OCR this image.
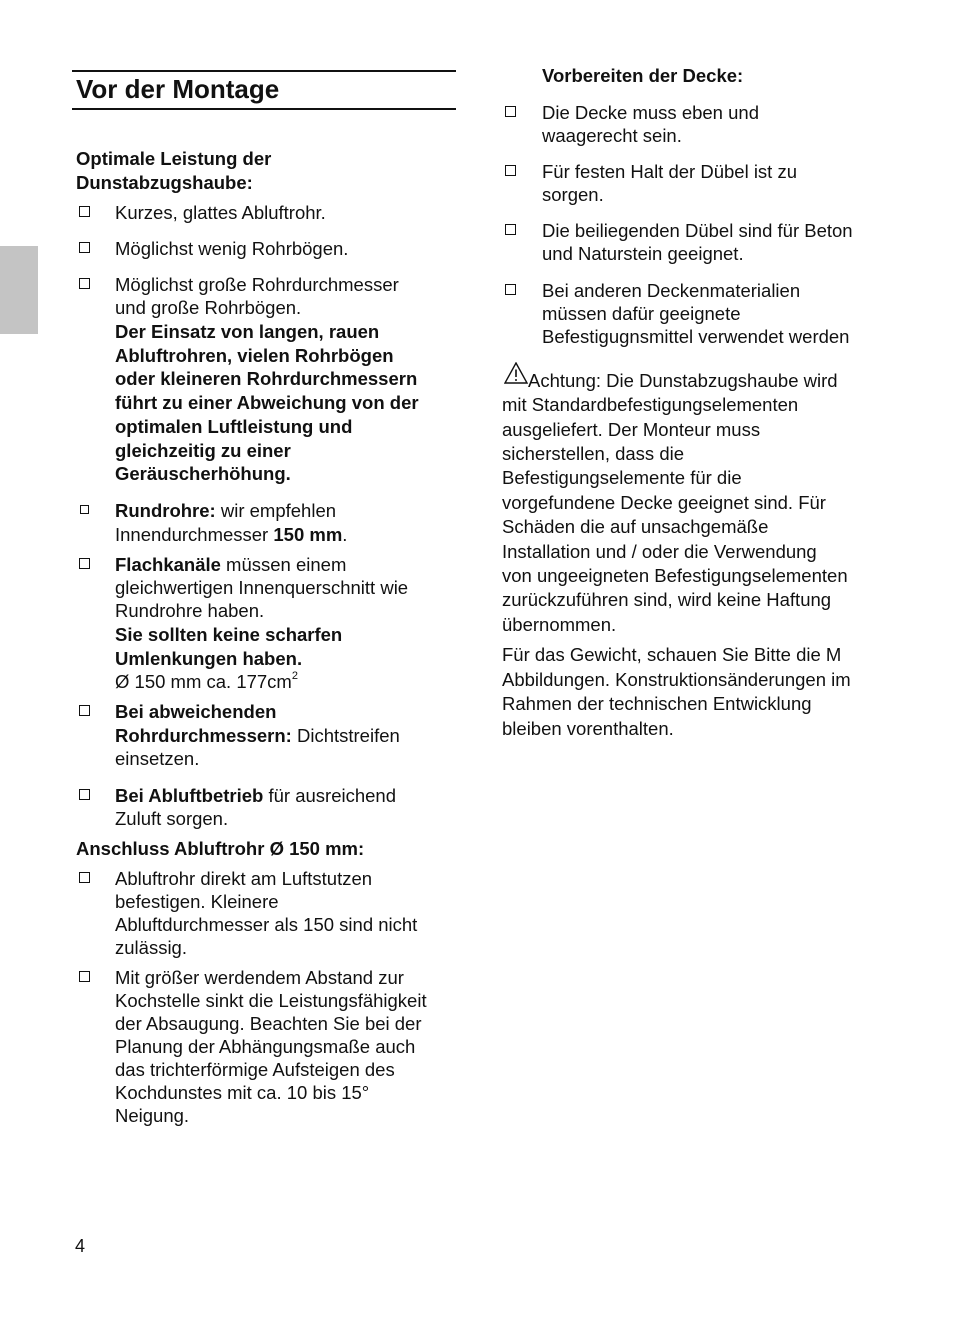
Vor der Montage

Optimale Leistung der

Dunstabzugshaube:

Kurzes, glattes Abluftrohr.

Möglichst wenig Rohrbögen.

Möglichst große Rohrdurchmesser

und große Rohrbögen.

Der Einsatz von langen, rauen

Abluftrohren, vielen Rohrbögen

oder kleineren Rohrdurchmessern

führt zu einer Abweichung von der

optimalen Luftleistung und

gleichzeitig zu einer

Geräuscherhöhung.

Rundrohre: wir empfehlen

Innendurchmesser 150 mm.

Flachkanäle müssen einem

gleichwertigen Innenquerschnitt wie

Rundrohre haben.

Sie sollten keine scharfen

Umlenkungen haben.

Ø 150 mm ca. $177cm^2$

Bei abweichenden

Rohrdurchmessern: Dichtstreifen

einsetzen.

Bei Abluftbetrieb für ausreichend

Zuluft sorgen.

Anschluss Abluftrohr Ø 150 mm:

Abluftrohr direkt am Luftstutzen

befestigen. Kleinere

Abluftdurchmesser als 150 sind nicht

zulässig.

Mit größer werdendem Abstand zur

Kochstelle sinkt die Leistungsfähigkeit

der Absaugung. Beachten Sie bei der

Planung der Abhängungsmaße auch

das trichterförmige Aufsteigen des

Kochdunstes mit ca. 10 bis 15°

Neigung.

Vorbereiten der Decke:

Die Decke muss eben und

waagerecht sein.

Für festen Halt der Dübel ist zu

sorgen.

Die beiliegenden Dübel sind für Beton

und Naturstein geeignet.

Bei anderen Deckenmaterialien

müssen dafür geeignete

Befestigugnsmittel verwendet werden

Achtung: Die Dunstabzugshaube wird

mit Standardbefestigungselementen

ausgeliefert. Der Monteur muss

sicherstellen, dass die

Befestigungselemente für die

vorgefundene Decke geeignet sind. Für

Schäden die auf unsachgemäße

Installation und / oder die Verwendung

von ungeeigneten Befestigungselementen

zurückzuführen sind, wird keine Haftung

übernommen.

Für das Gewicht, schauen Sie Bitte die M

Abbildungen. Konstruktionsänderungen im

Rahmen der technischen Entwicklung

bleiben vorenthalten.

4
